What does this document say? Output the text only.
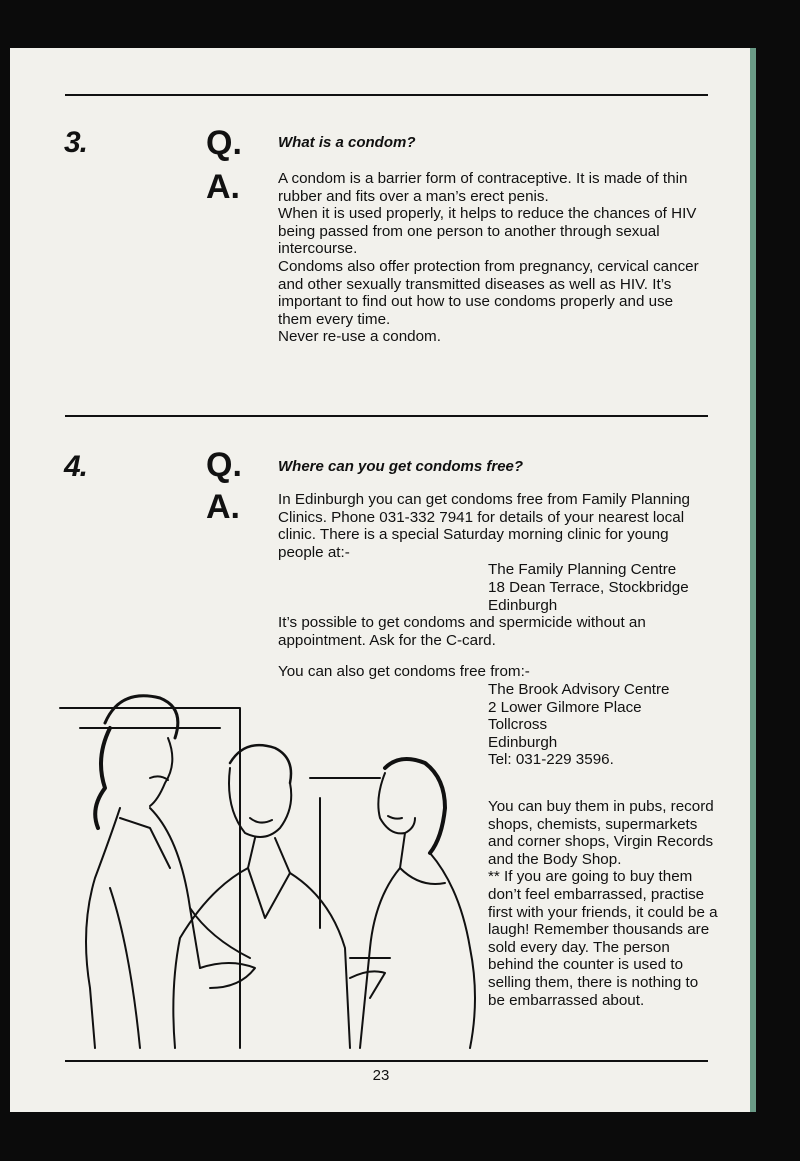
3.	Q. What is a condom?
A.	A condom is a barrier form of contraceptive. It is made of thin rubber and fits over a man’s erect penis.

When it is used properly, it helps to reduce the chances of HIV being passed from one person to another through sexual intercourse.

Condoms also offer protection from pregnancy, cervical cancer and other sexually transmitted diseases as well as HIV. It’s important to find out how to use condoms properly and use them every time.

Never re-use a condom.

4.	Q. Where can you get condoms free?
A.	In Edinburgh you can get condoms free from Family Planning Clinics. Phone 031-332 7941 for details of your nearest local clinic. There is a special Saturday morning clinic for young people at:-

The Family Planning Centre

18 Dean Terrace, Stockbridge

Edinburgh

It’s possible to get condoms and spermicide without an appointment. Ask for the C-card.

You can also get condoms free from:-

The Brook Advisory Centre

2 Lower Gilmore Place

Tollcross

Edinburgh

Tel: 031-229 3596.

You can buy them in pubs, record shops, chemists, supermarkets and corner shops, Virgin Records and the Body Shop.

** If you are going to buy them don’t feel embarrassed, practise first with your friends, it could be a laugh! Remember thousands are sold every day. The person behind the counter is used to selling them, there is nothing to be embarrassed about.

23
